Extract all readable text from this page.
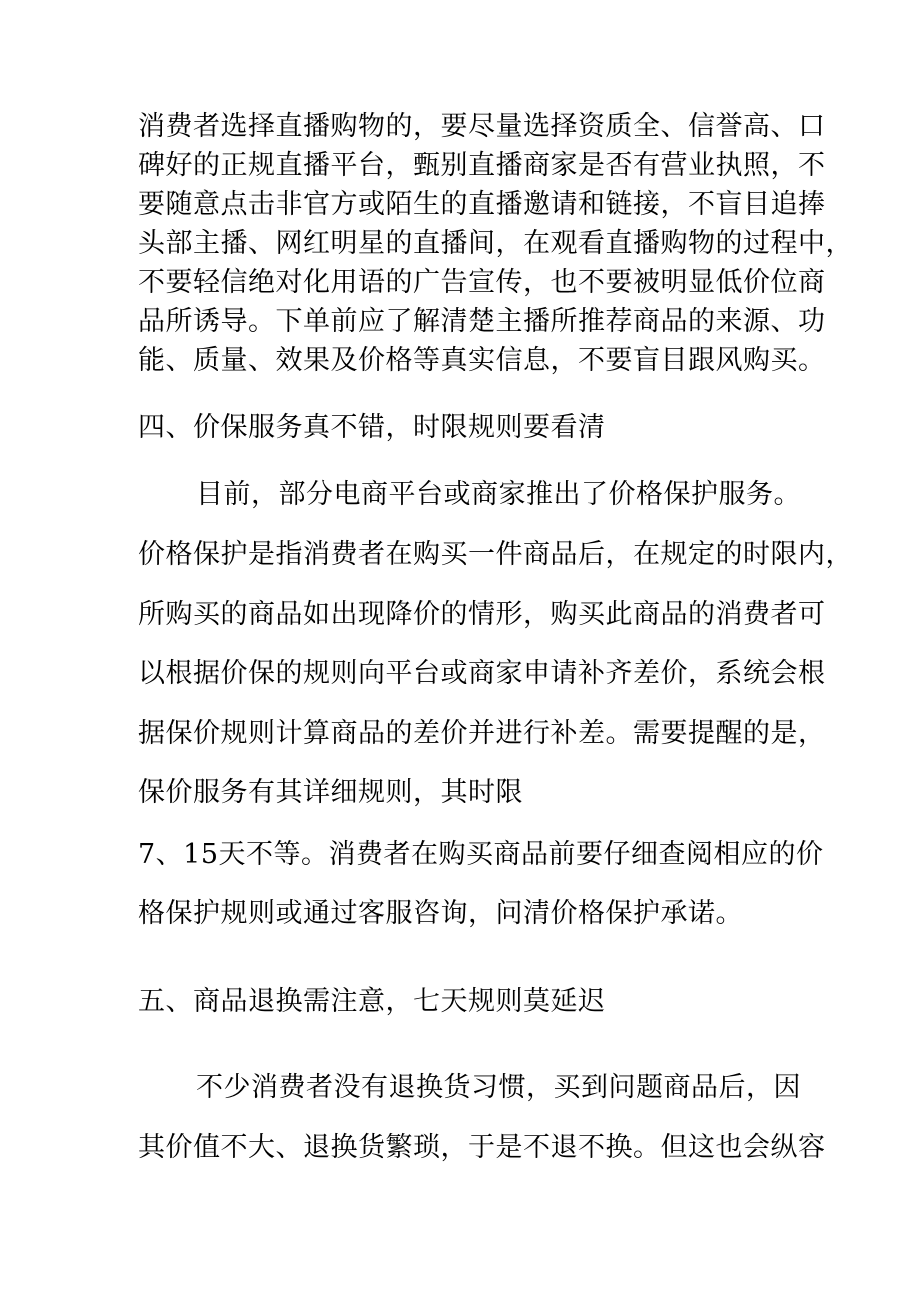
消费者选择直播购物的，要尽量选择资质全、信誉高、口
碑好的正规直播平台，甄别直播商家是否有营业执照，不
要随意点击非官方或陌生的直播邀请和链接，不盲目追捧
头部主播、网红明星的直播间，在观看直播购物的过程中，
不要轻信绝对化用语的广告宣传，也不要被明显低价位商
品所诱导。下单前应了解清楚主播所推荐商品的来源、功
能、质量、效果及价格等真实信息，不要盲目跟风购买。
四、价保服务真不错，时限规则要看清
目前，部分电商平台或商家推出了价格保护服务。
价格保护是指消费者在购买一件商品后，在规定的时限内，
所购买的商品如出现降价的情形，购买此商品的消费者可
以根据价保的规则向平台或商家申请补齐差价，系统会根
据保价规则计算商品的差价并进行补差。需要提醒的是，
保价服务有其详细规则，其时限
7、15天不等。消费者在购买商品前要仔细查阅相应的价
格保护规则或通过客服咨询，问清价格保护承诺。
五、商品退换需注意，七天规则莫延迟
不少消费者没有退换货习惯，买到问题商品后，因
其价值不大、退换货繁琐，于是不退不换。但这也会纵容
